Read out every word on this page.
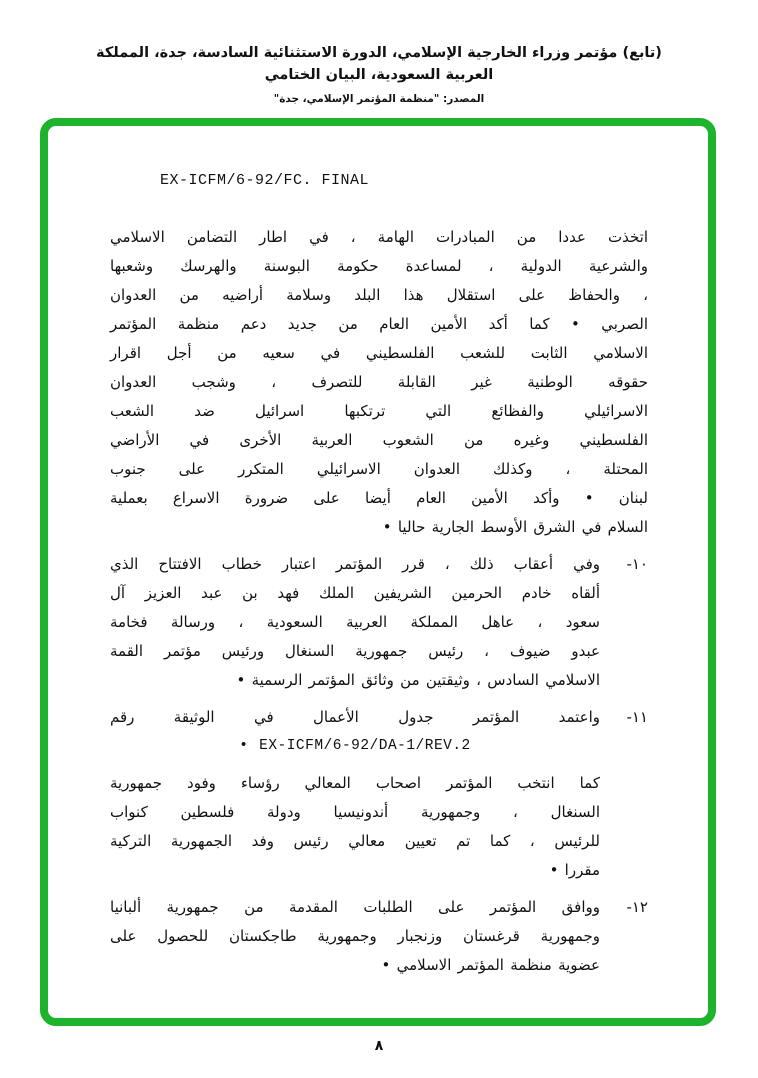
(تابع) مؤتمر وزراء الخارجية الإسلامي، الدورة الاستثنائية السادسة، جدة، المملكة العربية السعودية، البيان الختامي
المصدر: "منظمة المؤتمر الإسلامي، جدة"
EX-ICFM/6-92/FC. FINAL
اتخذت عددا من المبادرات الهامة ، في اطار التضامن الاسلامي
والشرعية الدولية ، لمساعدة حكومة البوسنة والهرسك وشعبها
، والحفاظ على استقلال هذا البلد وسلامة أراضيه من العدوان
الصربي • كما أكد الأمين العام من جديد دعم منظمة المؤتمر
الاسلامي الثابت للشعب الفلسطيني في سعيه من أجل اقرار
حقوقه الوطنية غير القابلة للتصرف ، وشجب العدوان
الاسرائيلي والفظائع التي ترتكبها اسرائيل ضد الشعب
الفلسطيني وغيره من الشعوب العربية الأخرى في الأراضي
المحتلة ، وكذلك العدوان الاسرائيلي المتكرر على جنوب
لبنان • وأكد الأمين العام أيضا على ضرورة الاسراع بعملية
السلام في الشرق الأوسط الجارية حاليا •
١٠-
وفي أعقاب ذلك ، قرر المؤتمر اعتبار خطاب الافتتاح الذي
ألقاه خادم الحرمين الشريفين الملك فهد بن عبد العزيز آل
سعود ، عاهل المملكة العربية السعودية ، ورسالة فخامة
عبدو ضيوف ، رئيس جمهورية السنغال ورئيس مؤتمر القمة
الاسلامي السادس ، وثيقتين من وثائق المؤتمر الرسمية •
١١-
واعتمد المؤتمر جدول الأعمال في الوثيقة رقم
EX-ICFM/6-92/DA-1/REV.2 •
كما انتخب المؤتمر اصحاب المعالي رؤساء وفود جمهورية
السنغال ، وجمهورية أندونيسيا ودولة فلسطين كنواب
للرئيس ، كما تم تعيين معالي رئيس وفد الجمهورية التركية
مقررا •
١٢-
ووافق المؤتمر على الطلبات المقدمة من جمهورية ألبانيا
وجمهورية قرغستان وزنجبار وجمهورية طاجكستان للحصول على
عضوية منظمة المؤتمر الاسلامي •
٨
